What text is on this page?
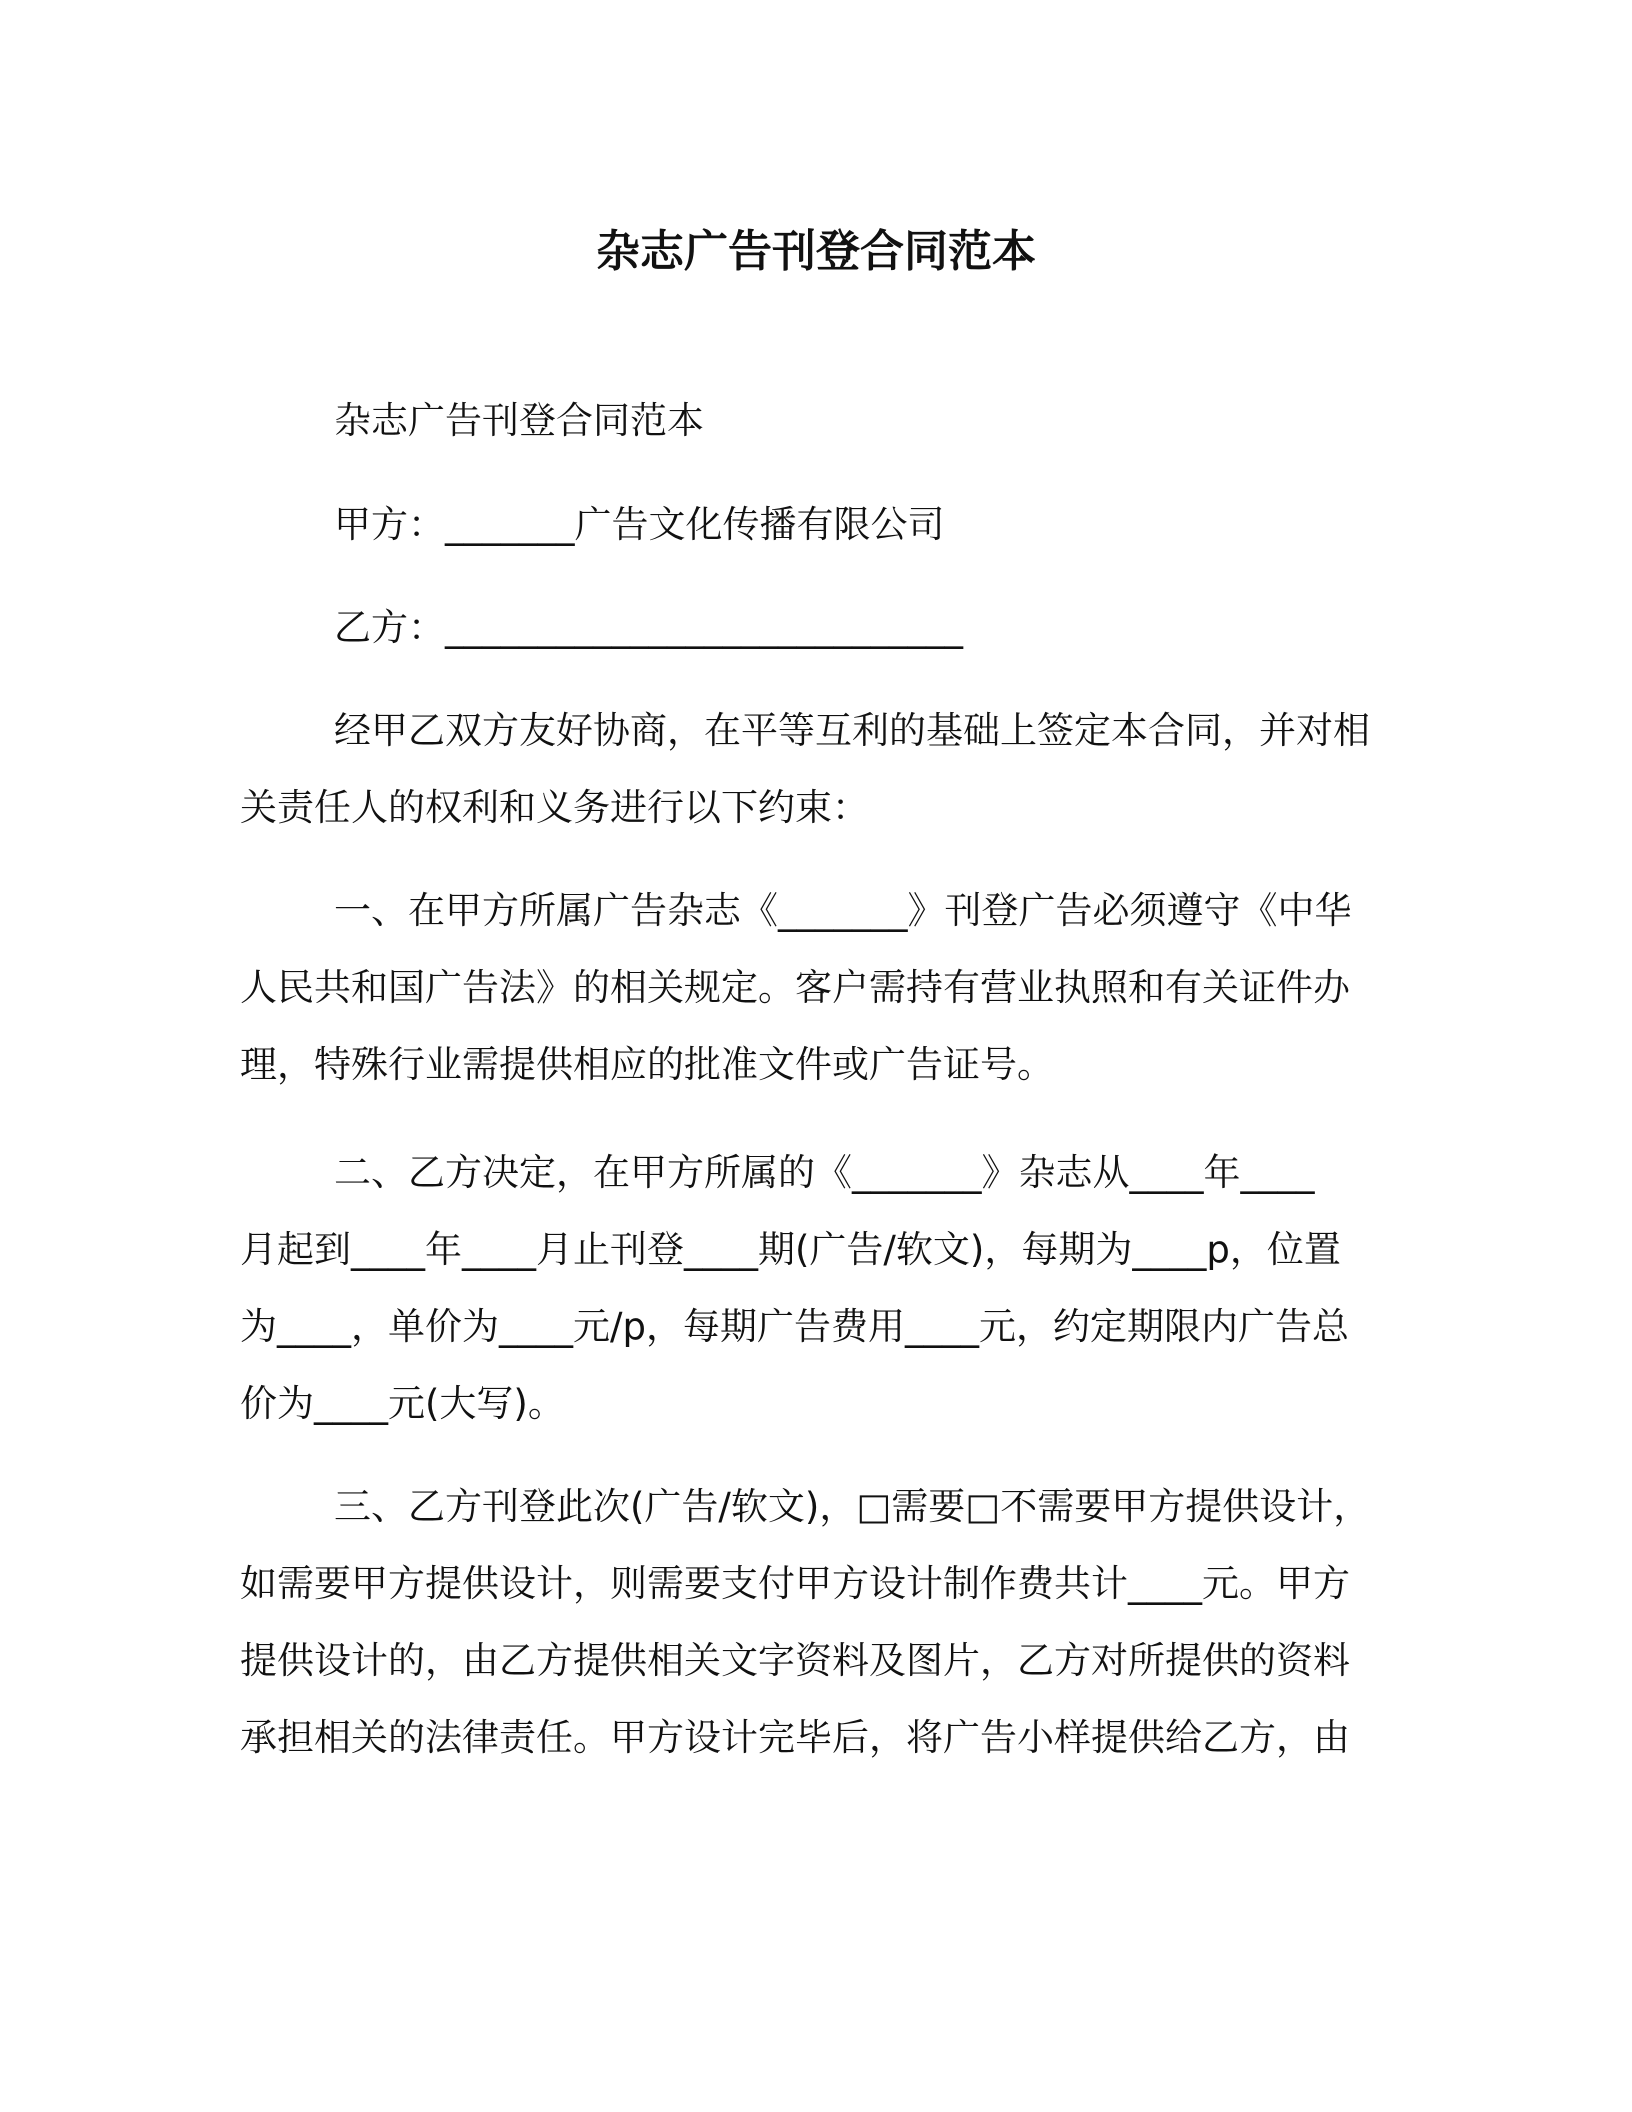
杂志广告刊登合同范本
杂志广告刊登合同范本
甲方：_______广告文化传播有限公司
乙方：____________________________
经甲乙双方友好协商，在平等互利的基础上签定本合同，并对相
关责任人的权利和义务进行以下约束：
一、在甲方所属广告杂志《_______》刊登广告必须遵守《中华
人民共和国广告法》的相关规定。客户需持有营业执照和有关证件办
理，特殊行业需提供相应的批准文件或广告证号。
二、乙方决定，在甲方所属的《_______》杂志从____年____
月起到____年____月止刊登____期(广告/软文)，每期为____p，位置
为____，单价为____元/p，每期广告费用____元，约定期限内广告总
价为____元(大写)。
三、乙方刊登此次(广告/软文)，□需要□不需要甲方提供设计，
如需要甲方提供设计，则需要支付甲方设计制作费共计____元。甲方
提供设计的，由乙方提供相关文字资料及图片，乙方对所提供的资料
承担相关的法律责任。甲方设计完毕后，将广告小样提供给乙方，由
